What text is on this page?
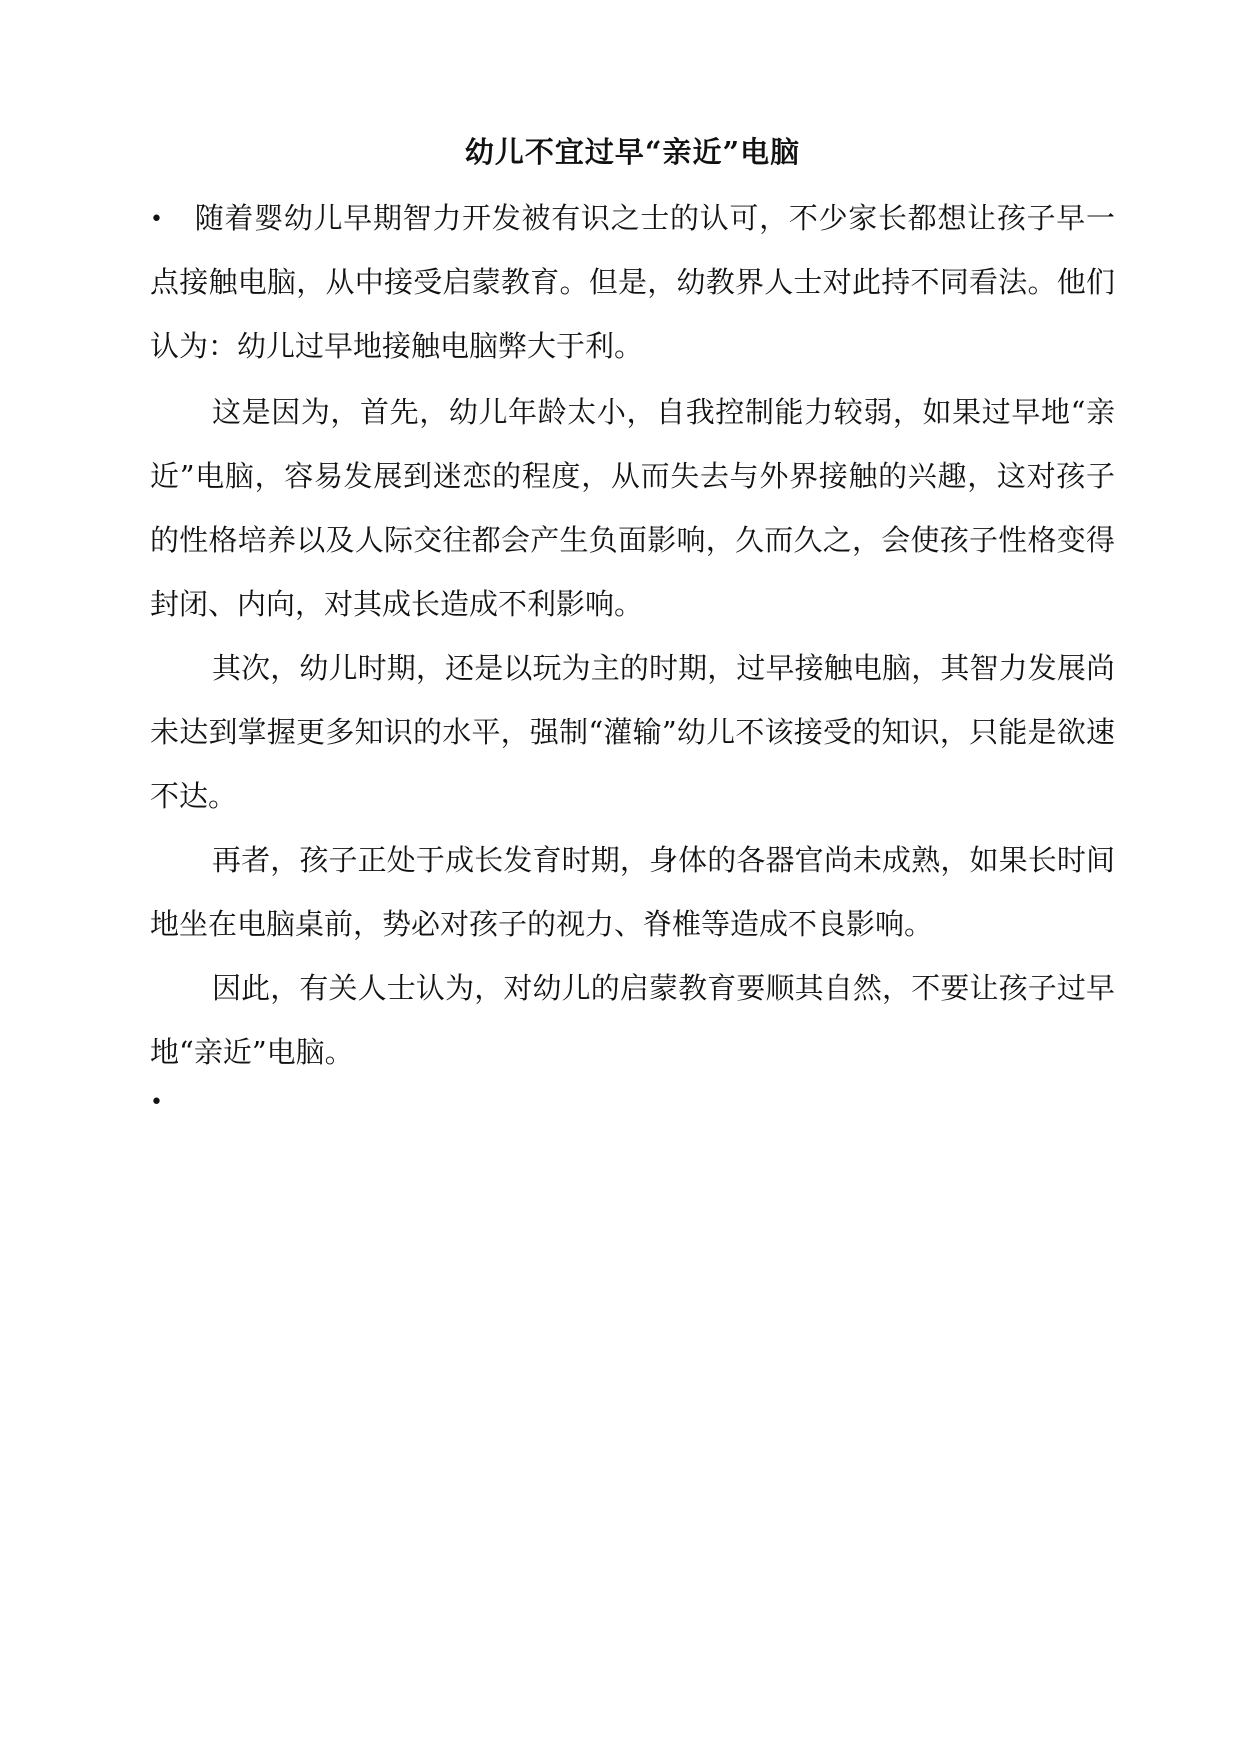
幼儿不宜过早“亲近”电脑

• 随着婴幼儿早期智力开发被有识之士的认可，不少家长都想让孩子早一点接触电脑，从中接受启蒙教育。但是，幼教界人士对此持不同看法。他们认为：幼儿过早地接触电脑弊大于利。

这是因为，首先，幼儿年龄太小，自我控制能力较弱，如果过早地“亲近”电脑，容易发展到迷恋的程度，从而失去与外界接触的兴趣，这对孩子的性格培养以及人际交往都会产生负面影响，久而久之，会使孩子性格变得封闭、内向，对其成长造成不利影响。

其次，幼儿时期，还是以玩为主的时期，过早接触电脑，其智力发展尚未达到掌握更多知识的水平，强制“灌输”幼儿不该接受的知识，只能是欲速不达。

再者，孩子正处于成长发育时期，身体的各器官尚未成熟，如果长时间地坐在电脑桌前，势必对孩子的视力、脊椎等造成不良影响。

因此，有关人士认为，对幼儿的启蒙教育要顺其自然，不要让孩子过早地“亲近”电脑。

•
